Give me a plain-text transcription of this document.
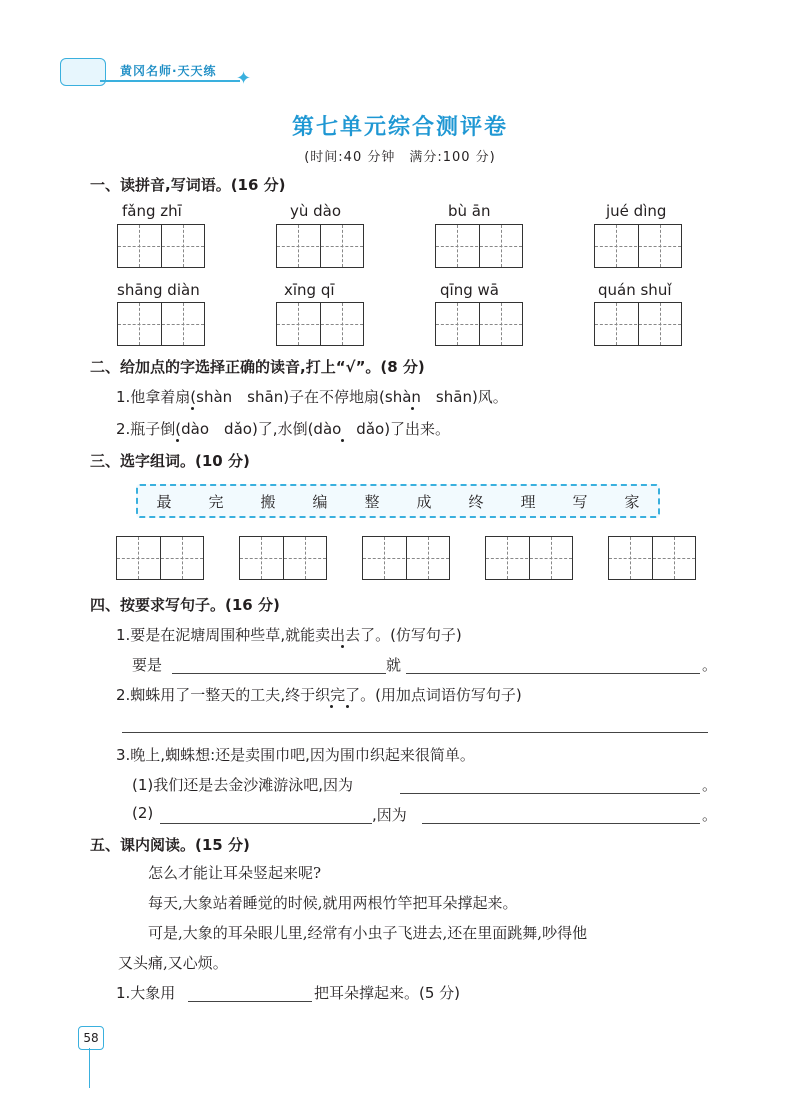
黄冈名师·天天练 ✦
第七单元综合测评卷
(时间:40 分钟　满分:100 分)
一、读拼音,写词语。(16 分)
fǎng zhī	yù dào	bù ān	jué dìng
shāng diàn	xīng qī	qīng wā	quán shuǐ
二、给加点的字选择正确的读音,打上“√”。(8 分)
1.他拿着扇(shàn　shān)子在不停地扇(shàn　shān)风。
2.瓶子倒(dào　dǎo)了,水倒(dào　dǎo)了出来。
三、选字组词。(10 分)
最 完 搬 编 整 成 终 理 写 家
四、按要求写句子。(16 分)
1.要是在泥塘周围种些草,就能卖出去了。(仿写句子)
要是	就	。
2.蜘蛛用了一整天的工夫,终于织完了。(用加点词语仿写句子)
3.晚上,蜘蛛想:还是卖围巾吧,因为围巾织起来很简单。
(1)我们还是去金沙滩游泳吧,因为	。
(2)	,因为	。
五、课内阅读。(15 分)
怎么才能让耳朵竖起来呢?
每天,大象站着睡觉的时候,就用两根竹竿把耳朵撑起来。
可是,大象的耳朵眼儿里,经常有小虫子飞进去,还在里面跳舞,吵得他
又头痛,又心烦。
1.大象用	把耳朵撑起来。(5 分)
58
